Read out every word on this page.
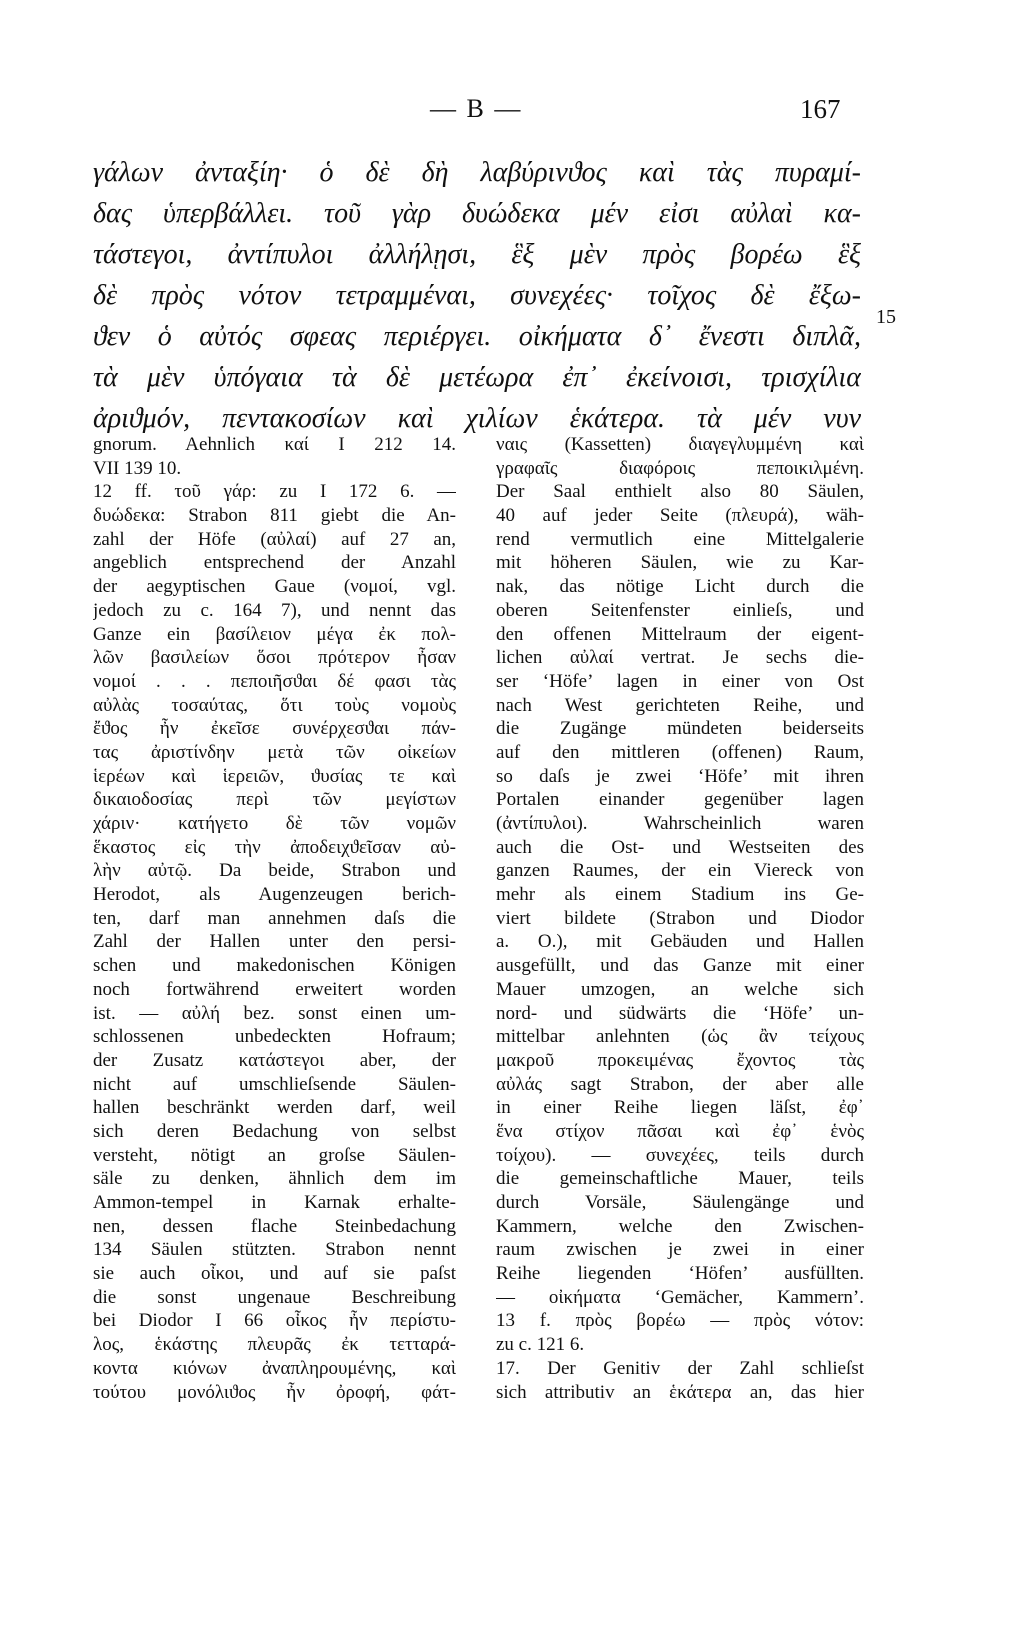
— B —	167
γάλων ἀνταξίη· ὁ δὲ δὴ λαβύρινϑος καὶ τὰς πυραμί-
δας ὑπερβάλλει. τοῦ γὰρ δυώδεκα μέν εἰσι αὐλαὶ κα-
τάστεγοι, ἀντίπυλοι ἀλλήλῃσι, ἓξ μὲν πρὸς βορέω ἓξ
δὲ πρὸς νότον τετραμμέναι, συνεχέες· τοῖχος δὲ ἔξω-
ϑεν ὁ αὐτός σφεας περιέργει. οἰκήματα δ᾽ ἔνεστι διπλᾶ,
τὰ μὲν ὑπόγαια τὰ δὲ μετέωρα ἐπ᾽ ἐκείνοισι, τρισχίλια
ἀριϑμόν, πεντακοσίων καὶ χιλίων ἑκάτερα. τὰ μέν νυν
15
gnorum. Aehnlich καί I 212 14.
VII 139 10.
12 ff. τοῦ γάρ: zu I 172 6. —
δυώδεκα: Strabon 811 giebt die An-
zahl der Höfe (αὐλαί) auf 27 an,
angeblich entsprechend der Anzahl
der aegyptischen Gaue (νομοί, vgl.
jedoch zu c. 164 7), und nennt das
Ganze ein βασίλειον μέγα ἐκ πολ-
λῶν βασιλείων ὅσοι πρότερον ἦσαν
νομοί . . . πεποιῆσϑαι δέ φασι τὰς
αὐλὰς τοσαύτας, ὅτι τοὺς νομοὺς
ἔϑος ἦν ἐκεῖσε συνέρχεσϑαι πάν-
τας ἀριστίνδην μετὰ τῶν οἰκείων
ἱερέων καὶ ἱερειῶν, ϑυσίας τε καὶ
δικαιοδοσίας περὶ τῶν μεγίστων
χάριν· κατήγετο δὲ τῶν νομῶν
ἕκαστος εἰς τὴν ἀποδειχϑεῖσαν αὐ-
λὴν αὐτῷ. Da beide, Strabon und
Herodot, als Augenzeugen berich-
ten, darf man annehmen daſs die
Zahl der Hallen unter den persi-
schen und makedonischen Königen
noch fortwährend erweitert worden
ist. — αὐλή bez. sonst einen um-
schlossenen unbedeckten Hofraum;
der Zusatz κατάστεγοι aber, der
nicht auf umschlieſsende Säulen-
hallen beschränkt werden darf, weil
sich deren Bedachung von selbst
versteht, nötigt an groſse Säulen-
säle zu denken, ähnlich dem im
Ammon-tempel in Karnak erhalte-
nen, dessen flache Steinbedachung
134 Säulen stützten. Strabon nennt
sie auch οἶκοι, und auf sie paſst
die sonst ungenaue Beschreibung
bei Diodor I 66 οἶκος ἦν περίστυ-
λος, ἑκάστης πλευρᾶς ἐκ τετταρά-
κοντα κιόνων ἀναπληρουμένης, καὶ
τούτου μονόλιϑος ἦν ὀροφή, φάτ-
ναις (Kassetten) διαγεγλυμμένη καὶ
γραφαῖς διαφόροις πεποικιλμένη.
Der Saal enthielt also 80 Säulen,
40 auf jeder Seite (πλευρά), wäh-
rend vermutlich eine Mittelgalerie
mit höheren Säulen, wie zu Kar-
nak, das nötige Licht durch die
oberen Seitenfenster einlieſs, und
den offenen Mittelraum der eigent-
lichen αὐλαί vertrat. Je sechs die-
ser ‘Höfe’ lagen in einer von Ost
nach West gerichteten Reihe, und
die Zugänge mündeten beiderseits
auf den mittleren (offenen) Raum,
so daſs je zwei ‘Höfe’ mit ihren
Portalen einander gegenüber lagen
(ἀντίπυλοι). Wahrscheinlich waren
auch die Ost- und Westseiten des
ganzen Raumes, der ein Viereck von
mehr als einem Stadium ins Ge-
viert bildete (Strabon und Diodor
a. O.), mit Gebäuden und Hallen
ausgefüllt, und das Ganze mit einer
Mauer umzogen, an welche sich
nord- und südwärts die ‘Höfe’ un-
mittelbar anlehnten (ὡς ἂν τείχους
μακροῦ προκειμένας ἔχοντος τὰς
αὐλάς sagt Strabon, der aber alle
in einer Reihe liegen läſst, ἐφ᾽
ἕνα στίχον πᾶσαι καὶ ἐφ᾽ ἑνὸς
τοίχου). — συνεχέες, teils durch
die gemeinschaftliche Mauer, teils
durch Vorsäle, Säulengänge und
Kammern, welche den Zwischen-
raum zwischen je zwei in einer
Reihe liegenden ‘Höfen’ ausfüllten.
— οἰκήματα ‘Gemächer, Kammern’.
13 f. πρὸς βορέω — πρὸς νότον:
zu c. 121 6.
17. Der Genitiv der Zahl schlieſst
sich attributiv an ἑκάτερα an, das hier
